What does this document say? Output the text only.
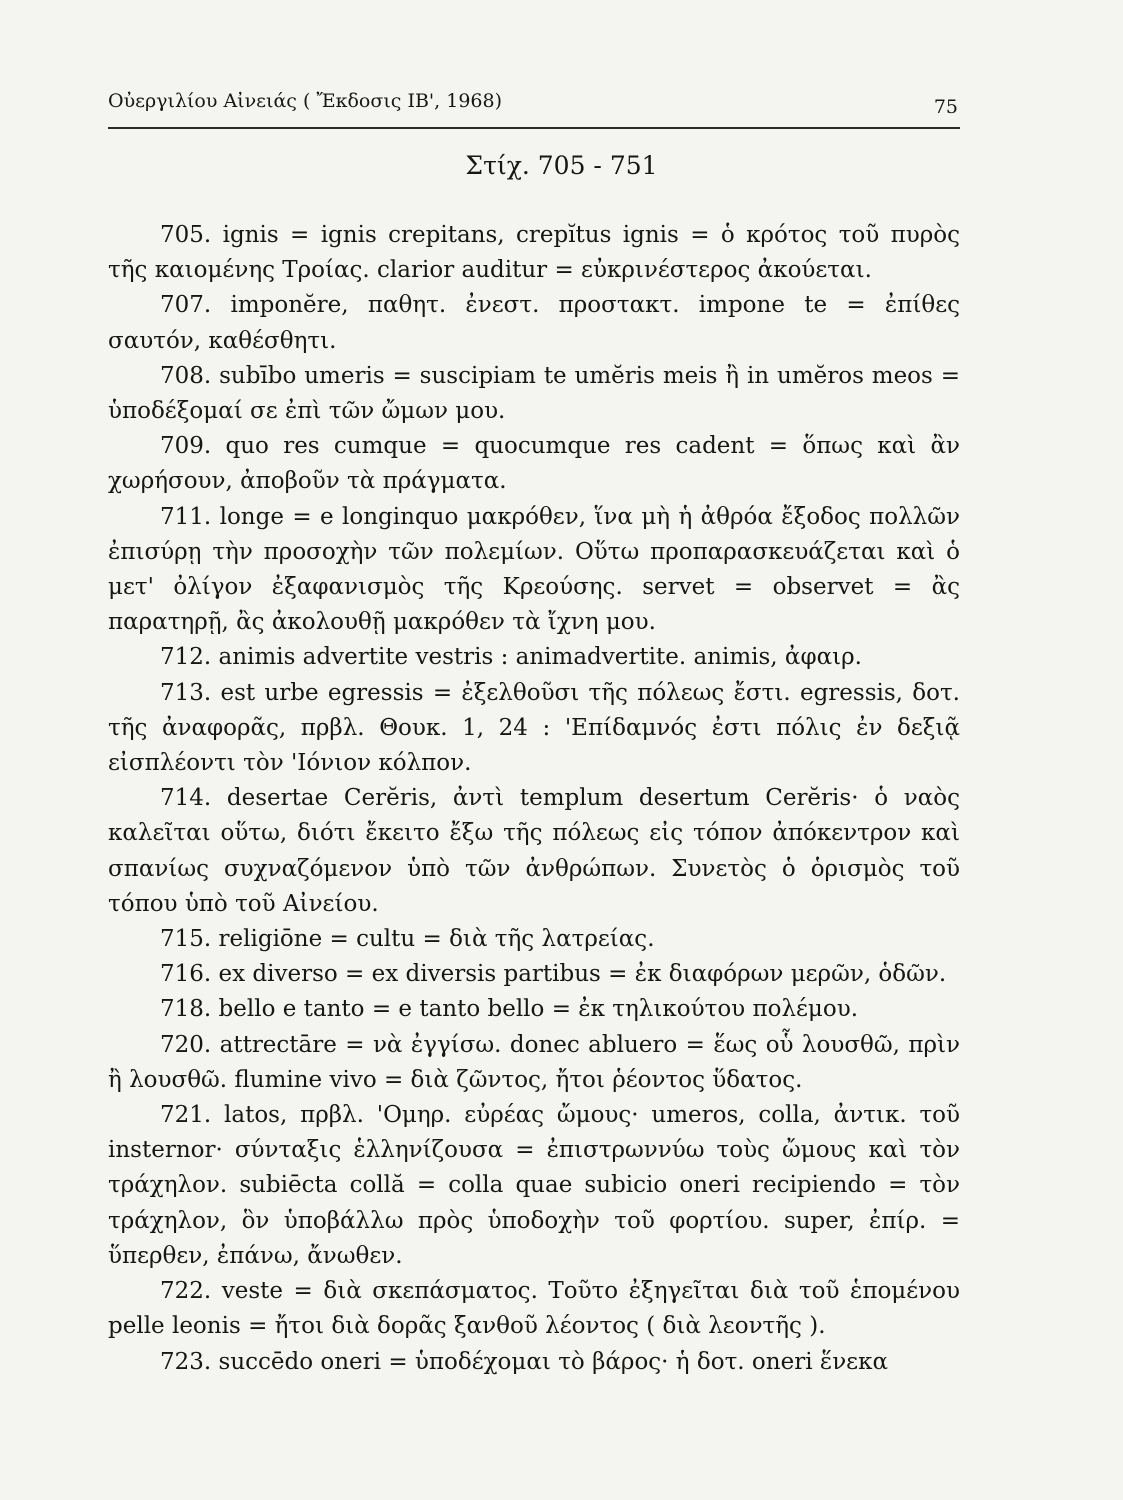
Οὐεργιλίου Αἰνειάς ( Ἔκδοσις ΙΒ', 1968)	75
Στίχ. 705 - 751

705. ignis = ignis crepitans, crepĭtus ignis = ὁ κρότος τοῦ πυρὸς τῆς καιομένης Τροίας. clarior auditur = εὐκρινέστερος ἀκούεται.

707. imponĕre, παθητ. ἐνεστ. προστακτ. impone te = ἐπίθες σαυτόν, καθέσθητι.

708. subībo umeris = suscipiam te umĕris meis ἢ in umĕros meos = ὑποδέξομαί σε ἐπὶ τῶν ὤμων μου.

709. quo res cumque = quocumque res cadent = ὅπως καὶ ἂν χωρήσουν, ἀποβοῦν τὰ πράγματα.

711. longe = e longinquo μακρόθεν, ἵνα μὴ ἡ ἀθρόα ἔξοδος πολλῶν ἐπισύρῃ τὴν προσοχὴν τῶν πολεμίων. Οὕτω προπαρασκευάζεται καὶ ὁ μετ' ὀλίγον ἐξαφανισμὸς τῆς Κρεούσης. servet = observet = ἂς παρατηρῇ, ἂς ἀκολουθῇ μακρόθεν τὰ ἴχνη μου.

712. animis advertite vestris : animadvertite. animis, ἀφαιρ.

713. est urbe egressis = ἐξελθοῦσι τῆς πόλεως ἔστι. egressis, δοτ. τῆς ἀναφορᾶς, πρβλ. Θουκ. 1, 24 : 'Επίδαμνός ἐστι πόλις ἐν δεξιᾷ εἰσπλέοντι τὸν 'Ιόνιον κόλπον.

714. desertae Cerĕris, ἀντὶ templum desertum Cerĕris· ὁ ναὸς καλεῖται οὕτω, διότι ἔκειτο ἔξω τῆς πόλεως εἰς τόπον ἀπόκεντρον καὶ σπανίως συχναζόμενον ὑπὸ τῶν ἀνθρώπων. Συνετὸς ὁ ὁρισμὸς τοῦ τόπου ὑπὸ τοῦ Αἰνείου.

715. religiōne = cultu = διὰ τῆς λατρείας.

716. ex diverso = ex diversis partibus = ἐκ διαφόρων μερῶν, ὁδῶν.

718. bello e tanto = e tanto bello = ἐκ τηλικούτου πολέμου.

720. attrectāre = νὰ ἐγγίσω. donec abluero = ἕως οὗ λουσθῶ, πρὶν ἢ λουσθῶ. flumine vivo = διὰ ζῶντος, ἤτοι ῥέοντος ὕδατος.

721. latos, πρβλ. 'Ομηρ. εὐρέας ὤμους· umeros, colla, ἀντικ. τοῦ insternor· σύνταξις ἑλληνίζουσα = ἐπιστρωννύω τοὺς ὤμους καὶ τὸν τράχηλον. subiēcta collă = colla quae subicio oneri recipiendo = τὸν τράχηλον, ὃν ὑποβάλλω πρὸς ὑποδοχὴν τοῦ φορτίου. super, ἐπίρ. = ὕπερθεν, ἐπάνω, ἄνωθεν.

722. veste = διὰ σκεπάσματος. Τοῦτο ἐξηγεῖται διὰ τοῦ ἑπομένου pelle leonis = ἤτοι διὰ δορᾶς ξανθοῦ λέοντος ( διὰ λεοντῆς ).

723. succēdo oneri = ὑποδέχομαι τὸ βάρος· ἡ δοτ. oneri ἕνεκα
